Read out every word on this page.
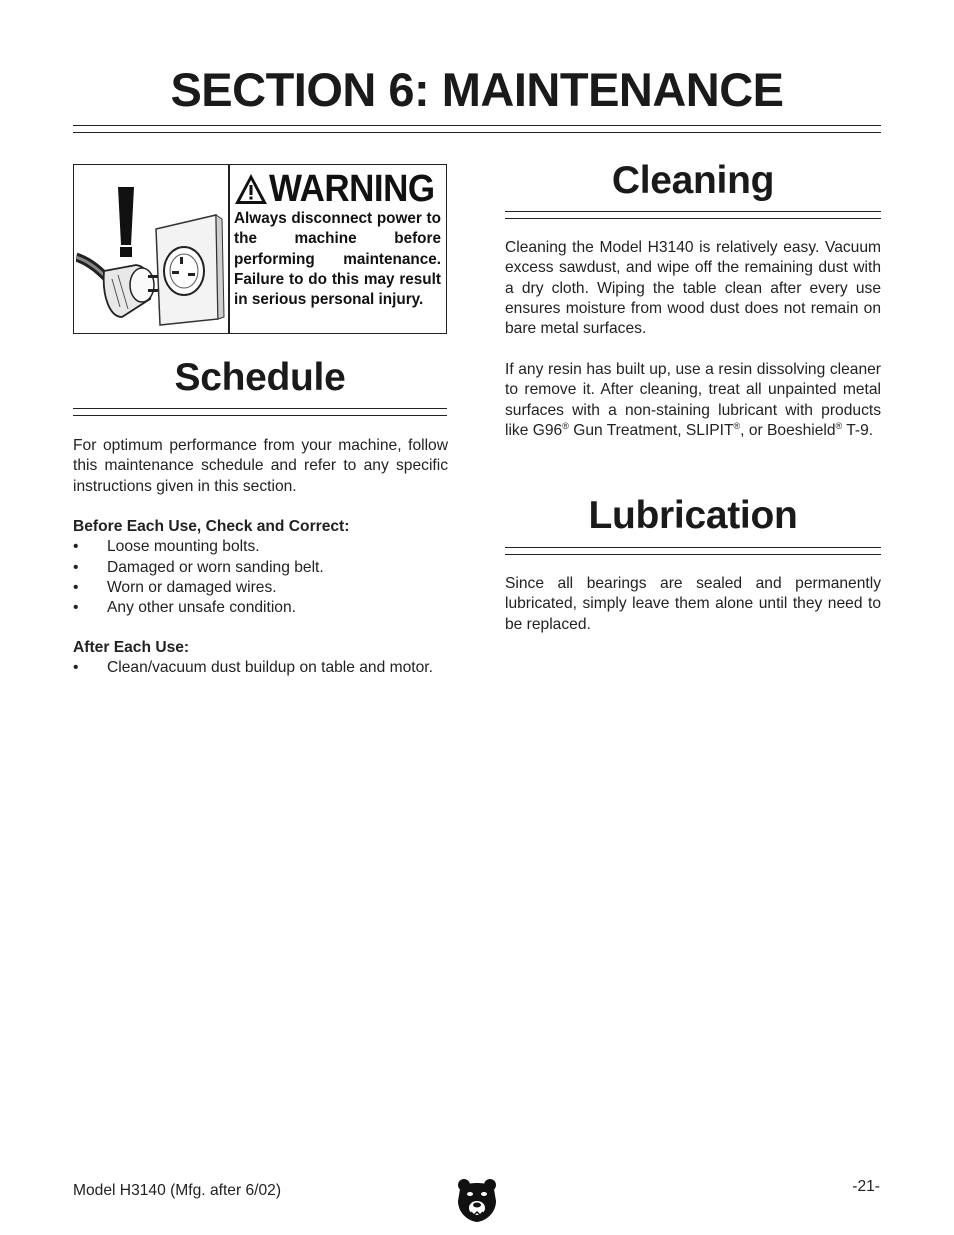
SECTION 6: MAINTENANCE
WARNING
Always disconnect power to the machine before performing maintenance. Failure to do this may result in serious personal injury.
Schedule
For optimum performance from your machine, follow this maintenance schedule and refer to any specific instructions given in this section.
Before Each Use, Check and Correct:
•	Loose mounting bolts.
•	Damaged or worn sanding belt.
•	Worn or damaged wires.
•	Any other unsafe condition.
After Each Use:
•	Clean/vacuum dust buildup on table and motor.
Cleaning
Cleaning the Model H3140 is relatively easy. Vacuum excess sawdust, and wipe off the remaining dust with a dry cloth. Wiping the table clean after every use ensures moisture from wood dust does not remain on bare metal surfaces.
If any resin has built up, use a resin dissolving cleaner to remove it. After cleaning, treat all unpainted metal surfaces with a non-staining lubricant with products like G96® Gun Treatment, SLIPIT®, or Boeshield® T-9.
Lubrication
Since all bearings are sealed and permanently lubricated, simply leave them alone until they need to be replaced.
Model H3140 (Mfg. after 6/02)	-21-
